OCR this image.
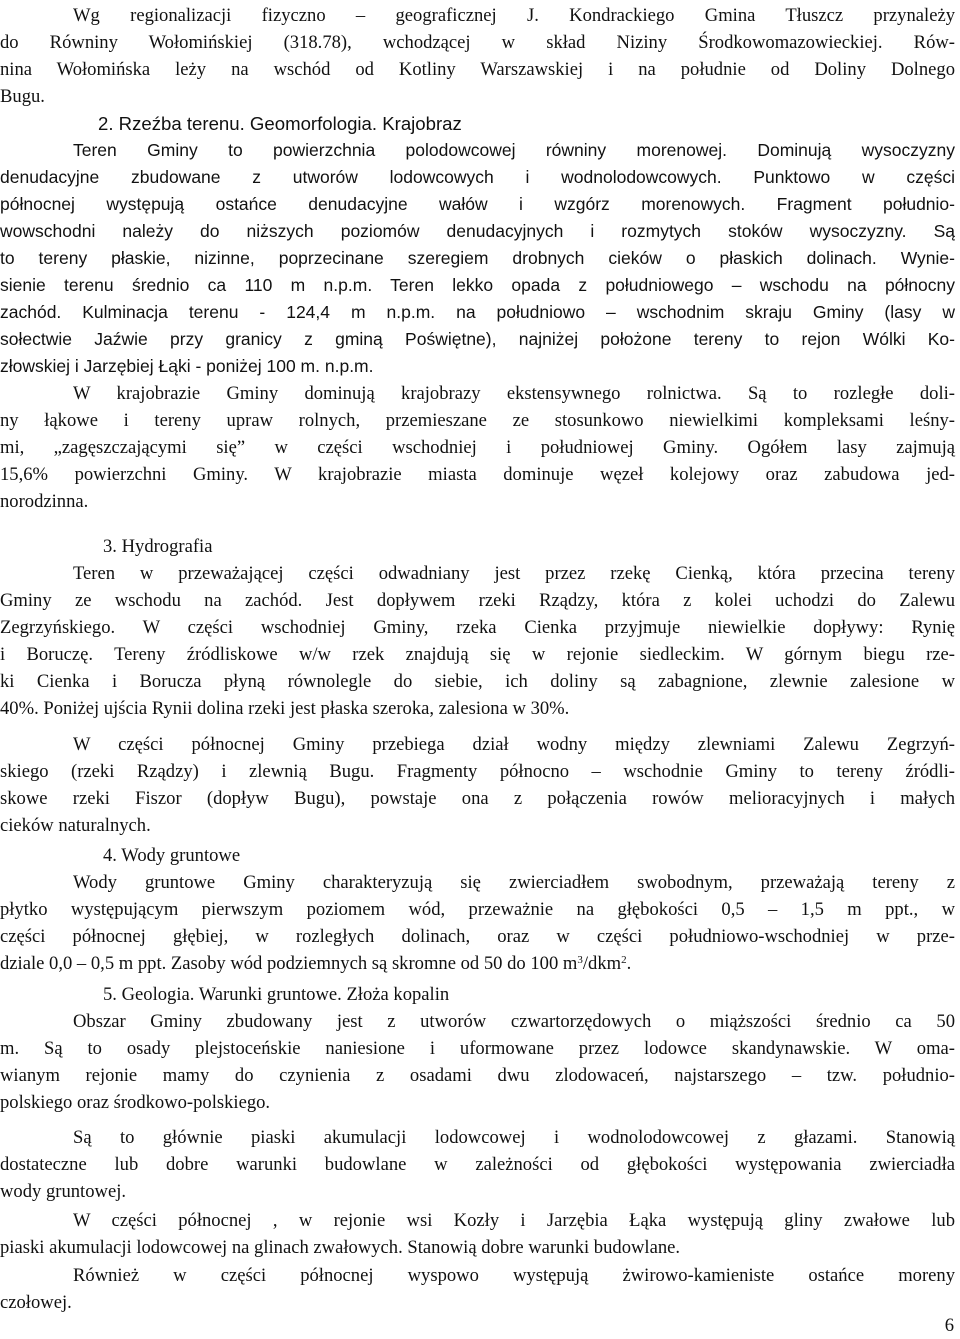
Wg regionalizacji fizyczno – geograficznej J. Kondrackiego Gmina Tłuszcz przynależy
do Równiny Wołomińskiej (318.78), wchodzącej w skład Niziny Środkowomazowieckiej. Rów-
nina Wołomińska leży na wschód od Kotliny Warszawskiej i na południe od Doliny Dolnego
Bugu.
2. Rzeźba terenu. Geomorfologia. Krajobraz
Teren Gminy to powierzchnia polodowcowej równiny morenowej. Dominują wysoczyzny
denudacyjne zbudowane z utworów lodowcowych i wodnolodowcowych. Punktowo w części
północnej występują ostańce denudacyjne wałów i wzgórz morenowych. Fragment południo-
wowschodni należy do niższych poziomów denudacyjnych i rozmytych stoków wysoczyzny. Są
to tereny płaskie, nizinne, poprzecinane szeregiem drobnych cieków o płaskich dolinach. Wynie-
sienie terenu średnio ca 110 m n.p.m. Teren lekko opada z południowego – wschodu na północny
zachód. Kulminacja terenu - 124,4 m n.p.m. na południowo – wschodnim skraju Gminy (lasy w
sołectwie Jaźwie przy granicy z gminą Poświętne), najniżej położone tereny to rejon Wólki Ko-
złowskiej i Jarzębiej Łąki - poniżej 100 m. n.p.m.
W krajobrazie Gminy dominują krajobrazy ekstensywnego rolnictwa. Są to rozległe doli-
ny łąkowe i tereny upraw rolnych, przemieszane ze stosunkowo niewielkimi kompleksami leśny-
mi, „zagęszczającymi się” w części wschodniej i południowej Gminy. Ogółem lasy zajmują
15,6% powierzchni Gminy. W krajobrazie miasta dominuje węzeł kolejowy oraz zabudowa jed-
norodzinna.
3. Hydrografia
Teren w przeważającej części odwadniany jest przez rzekę Cienką, która przecina tereny
Gminy ze wschodu na zachód. Jest dopływem rzeki Rządzy, która z kolei uchodzi do Zalewu
Zegrzyńskiego. W części wschodniej Gminy, rzeka Cienka przyjmuje niewielkie dopływy: Rynię
i Boruczę. Tereny źródliskowe w/w rzek znajdują się w rejonie siedleckim. W górnym biegu rze-
ki Cienka i Borucza płyną równolegle do siebie, ich doliny są zabagnione, zlewnie zalesione w
40%. Poniżej ujścia Rynii dolina rzeki jest płaska szeroka, zalesiona w 30%.
W części północnej Gminy przebiega dział wodny między zlewniami Zalewu Zegrzyń-
skiego (rzeki Rządzy) i zlewnią Bugu. Fragmenty północno – wschodnie Gminy to tereny źródli-
skowe rzeki Fiszor (dopływ Bugu), powstaje ona z połączenia rowów melioracyjnych i małych
cieków naturalnych.
4. Wody gruntowe
Wody gruntowe Gminy charakteryzują się zwierciadłem swobodnym, przeważają tereny z
płytko występującym pierwszym poziomem wód, przeważnie na głębokości 0,5 – 1,5 m ppt., w
części północnej głębiej, w rozległych dolinach, oraz w części południowo-wschodniej w prze-
dziale 0,0 – 0,5 m ppt. Zasoby wód podziemnych są skromne od 50 do 100 $m^3/dkm^2$.
5. Geologia. Warunki gruntowe. Złoża kopalin
Obszar Gminy zbudowany jest z utworów czwartorzędowych o miąższości średnio ca 50
m. Są to osady plejstoceńskie naniesione i uformowane przez lodowce skandynawskie. W oma-
wianym rejonie mamy do czynienia z osadami dwu zlodowaceń, najstarszego – tzw. południo-
polskiego oraz środkowo-polskiego.
Są to głównie piaski akumulacji lodowcowej i wodnolodowcowej z głazami. Stanowią
dostateczne lub dobre warunki budowlane w zależności od głębokości występowania zwierciadła
wody gruntowej.
W części północnej , w rejonie wsi Kozły i Jarzębia Łąka występują gliny zwałowe lub
piaski akumulacji lodowcowej na glinach zwałowych. Stanowią dobre warunki budowlane.
Również w części północnej wyspowo występują żwirowo-kamieniste ostańce moreny
czołowej.
6
